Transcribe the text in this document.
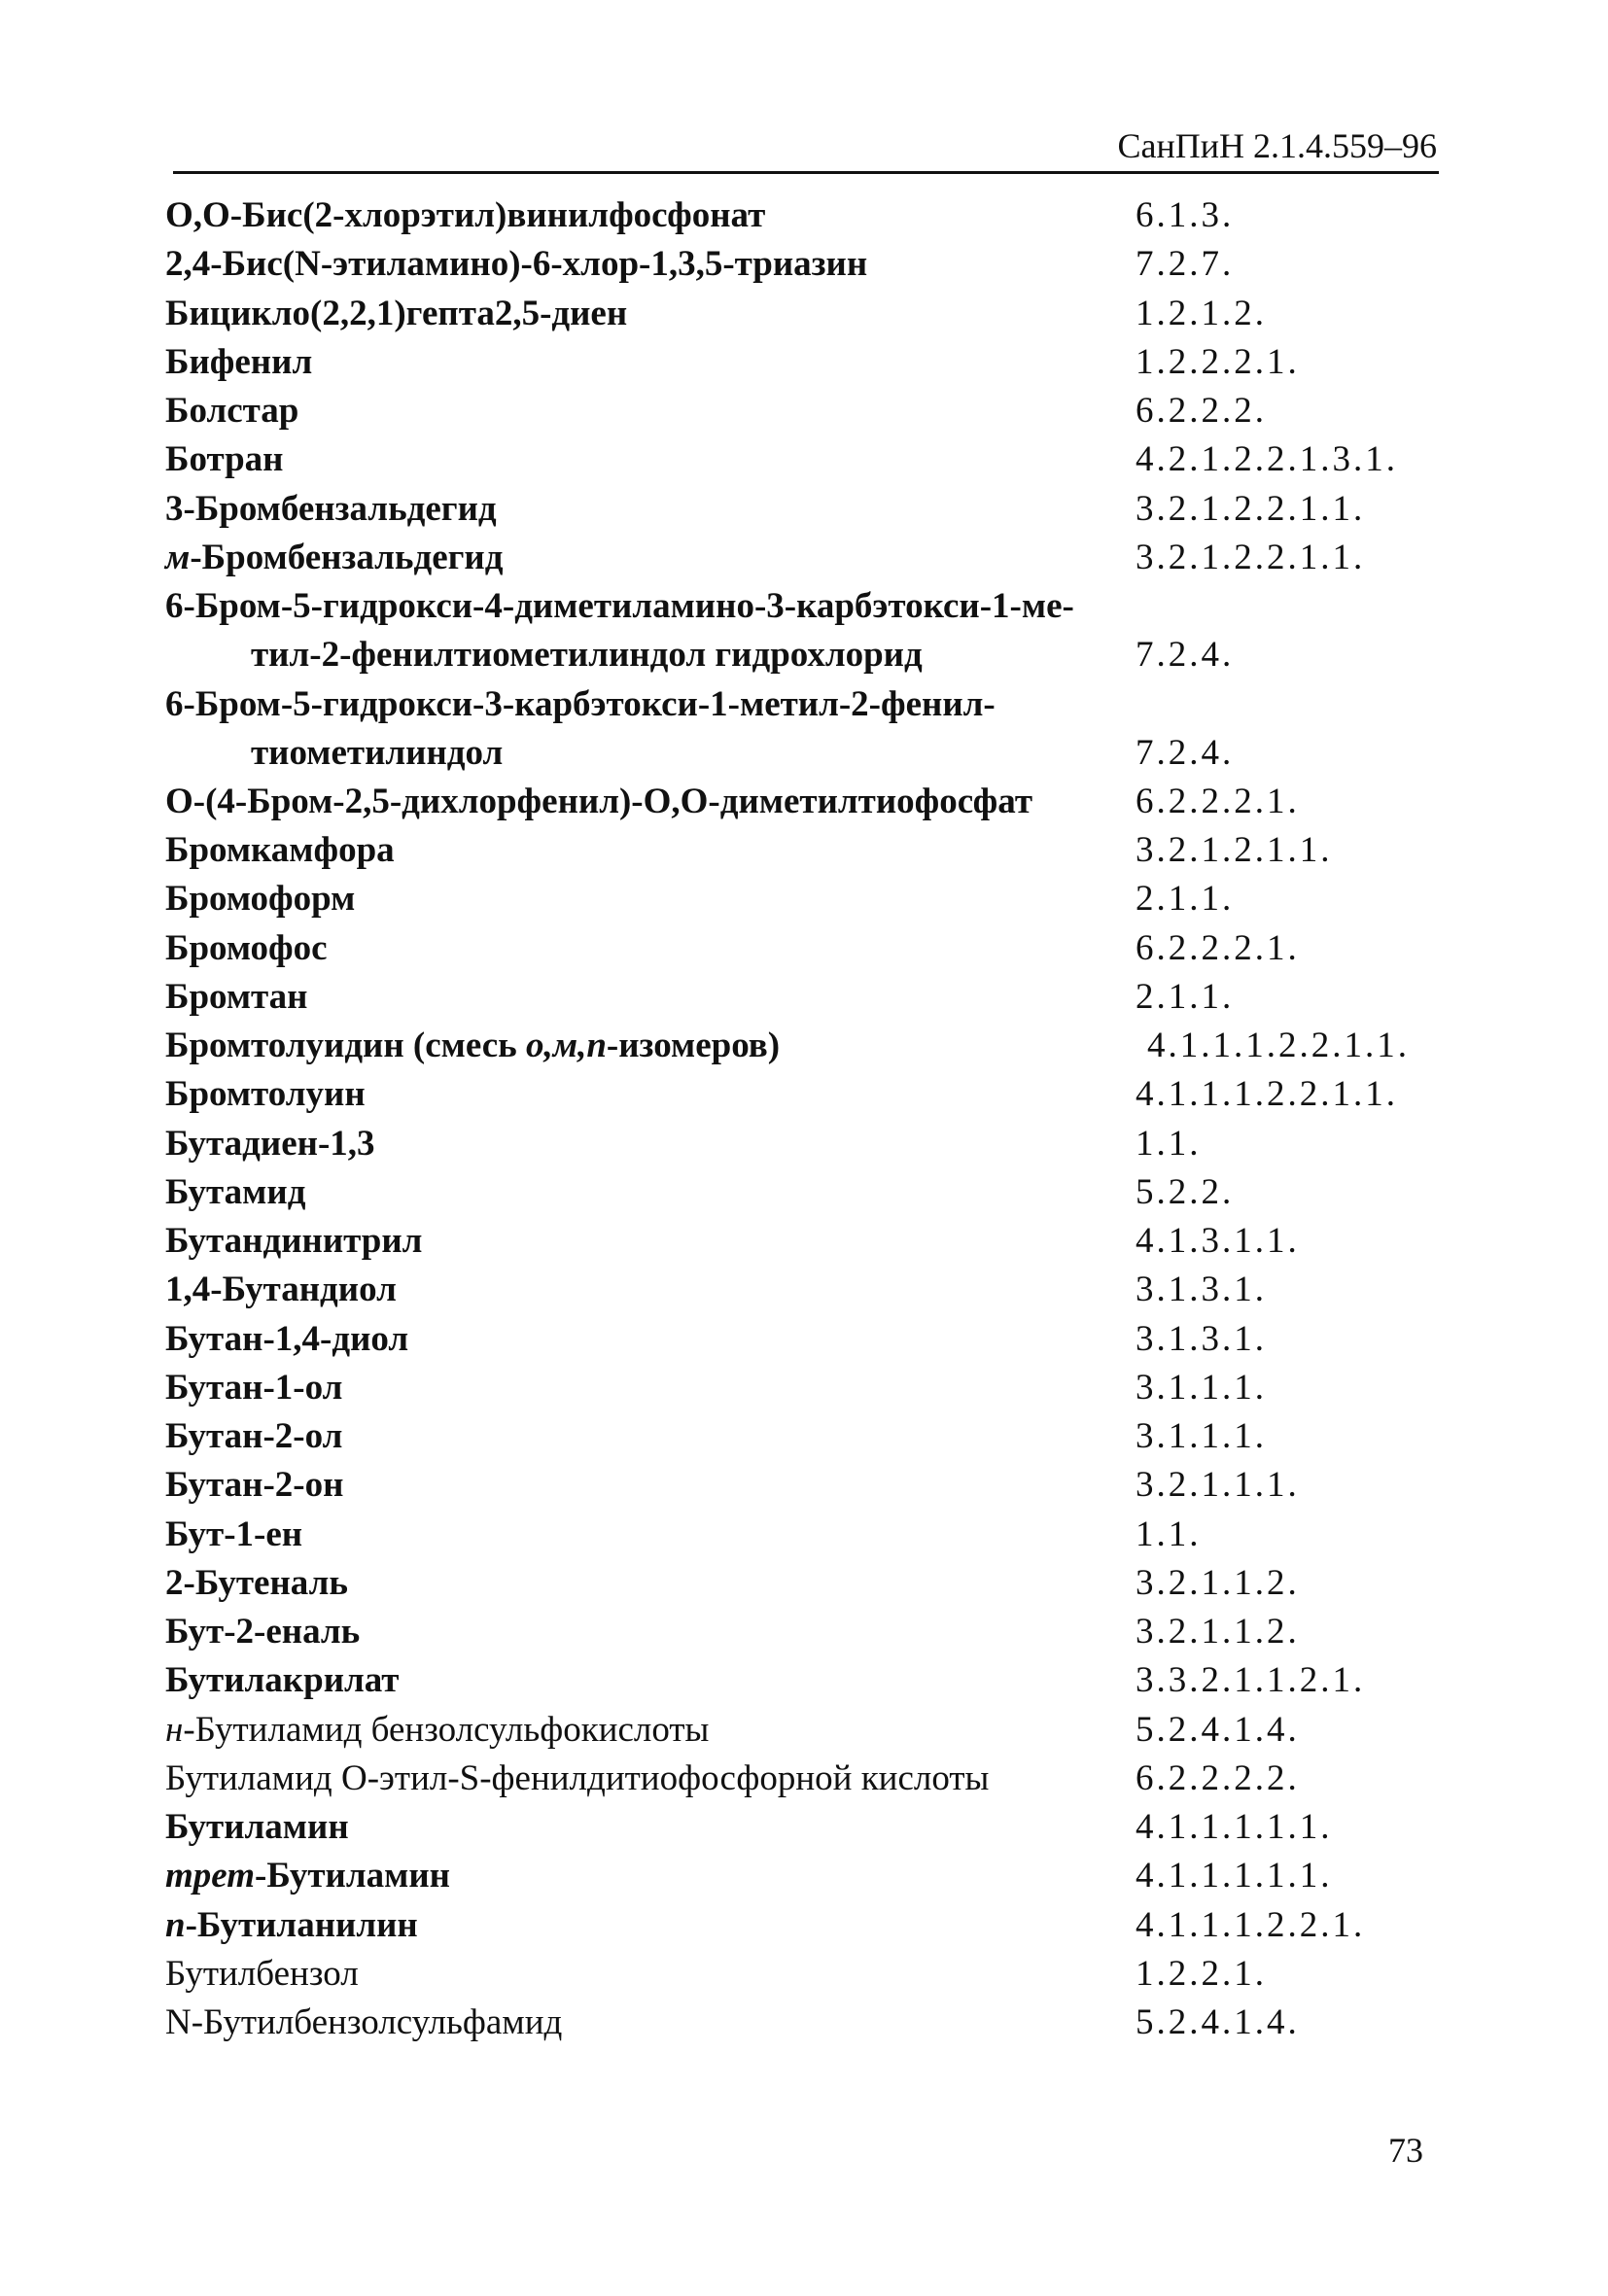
СанПиН 2.1.4.559–96
O,O-Бис(2-хлорэтил)винилфосфонат	6.1.3.
2,4-Бис(N-этиламино)-6-хлор-1,3,5-триазин	7.2.7.
Бицикло(2,2,1)гепта2,5-диен	1.2.1.2.
Бифенил	1.2.2.2.1.
Болстар	6.2.2.2.
Ботран	4.2.1.2.2.1.3.1.
3-Бромбензальдегид	3.2.1.2.2.1.1.
м-Бромбензальдегид	3.2.1.2.2.1.1.
6-Бром-5-гидрокси-4-диметиламино-3-карбэтокси-1-ме-
тил-2-фенилтиометилиндол гидрохлорид	7.2.4.
6-Бром-5-гидрокси-3-карбэтокси-1-метил-2-фенил-
тиометилиндол	7.2.4.
O-(4-Бром-2,5-дихлорфенил)-O,O-диметилтиофосфат	6.2.2.2.1.
Бромкамфора	3.2.1.2.1.1.
Бромоформ	2.1.1.
Бромофос	6.2.2.2.1.
Бромтан	2.1.1.
Бромтолуидин (смесь о,м,п-изомеров)	4.1.1.1.2.2.1.1.
Бромтолуин	4.1.1.1.2.2.1.1.
Бутадиен-1,3	1.1.
Бутамид	5.2.2.
Бутандинитрил	4.1.3.1.1.
1,4-Бутандиол	3.1.3.1.
Бутан-1,4-диол	3.1.3.1.
Бутан-1-ол	3.1.1.1.
Бутан-2-ол	3.1.1.1.
Бутан-2-он	3.2.1.1.1.
Бут-1-ен	1.1.
2-Бутеналь	3.2.1.1.2.
Бут-2-еналь	3.2.1.1.2.
Бутилакрилат	3.3.2.1.1.2.1.
н-Бутиламид бензолсульфокислоты	5.2.4.1.4.
Бутиламид O-этил-S-фенилдитиофосфорной кислоты	6.2.2.2.2.
Бутиламин	4.1.1.1.1.1.
трет-Бутиламин	4.1.1.1.1.1.
п-Бутиланилин	4.1.1.1.2.2.1.
Бутилбензол	1.2.2.1.
N-Бутилбензолсульфамид	5.2.4.1.4.
73
